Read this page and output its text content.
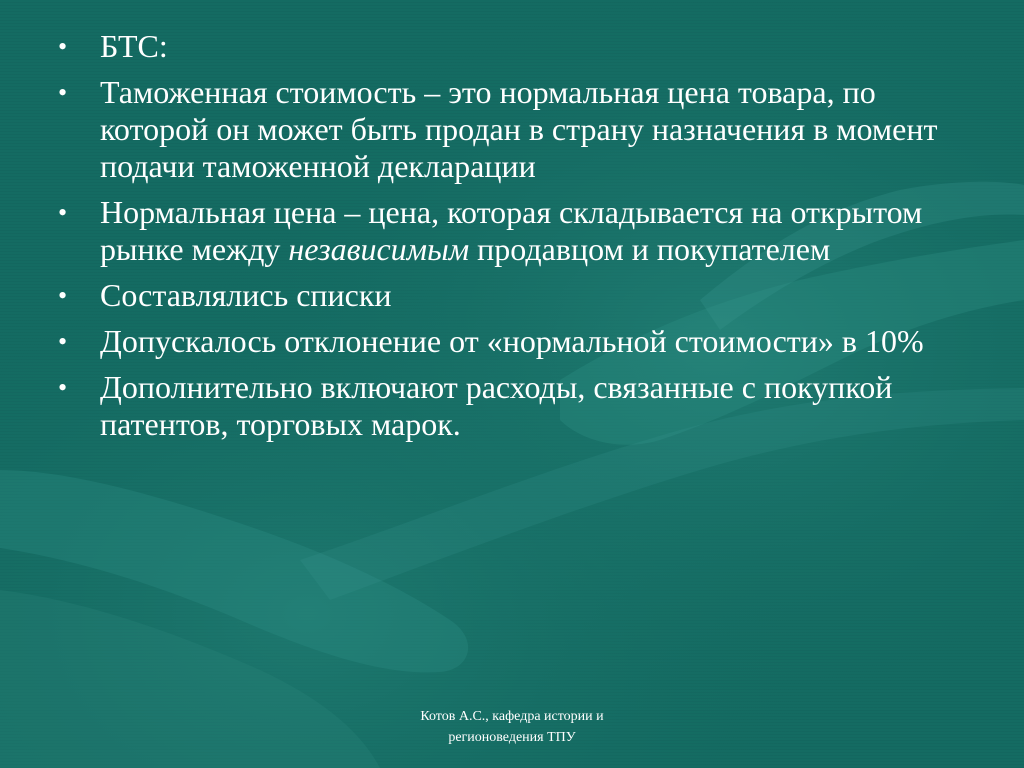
• БТС:
• Таможенная стоимость – это нормальная цена товара, по которой он может быть продан в страну назначения в момент подачи таможенной декларации
• Нормальная цена – цена, которая складывается на открытом рынке между независимым продавцом и покупателем
• Составлялись списки
• Допускалось отклонение от «нормальной стоимости» в 10%
• Дополнительно включают расходы, связанные с покупкой патентов, торговых марок.
Котов А.С., кафедра истории и
регионоведения ТПУ
